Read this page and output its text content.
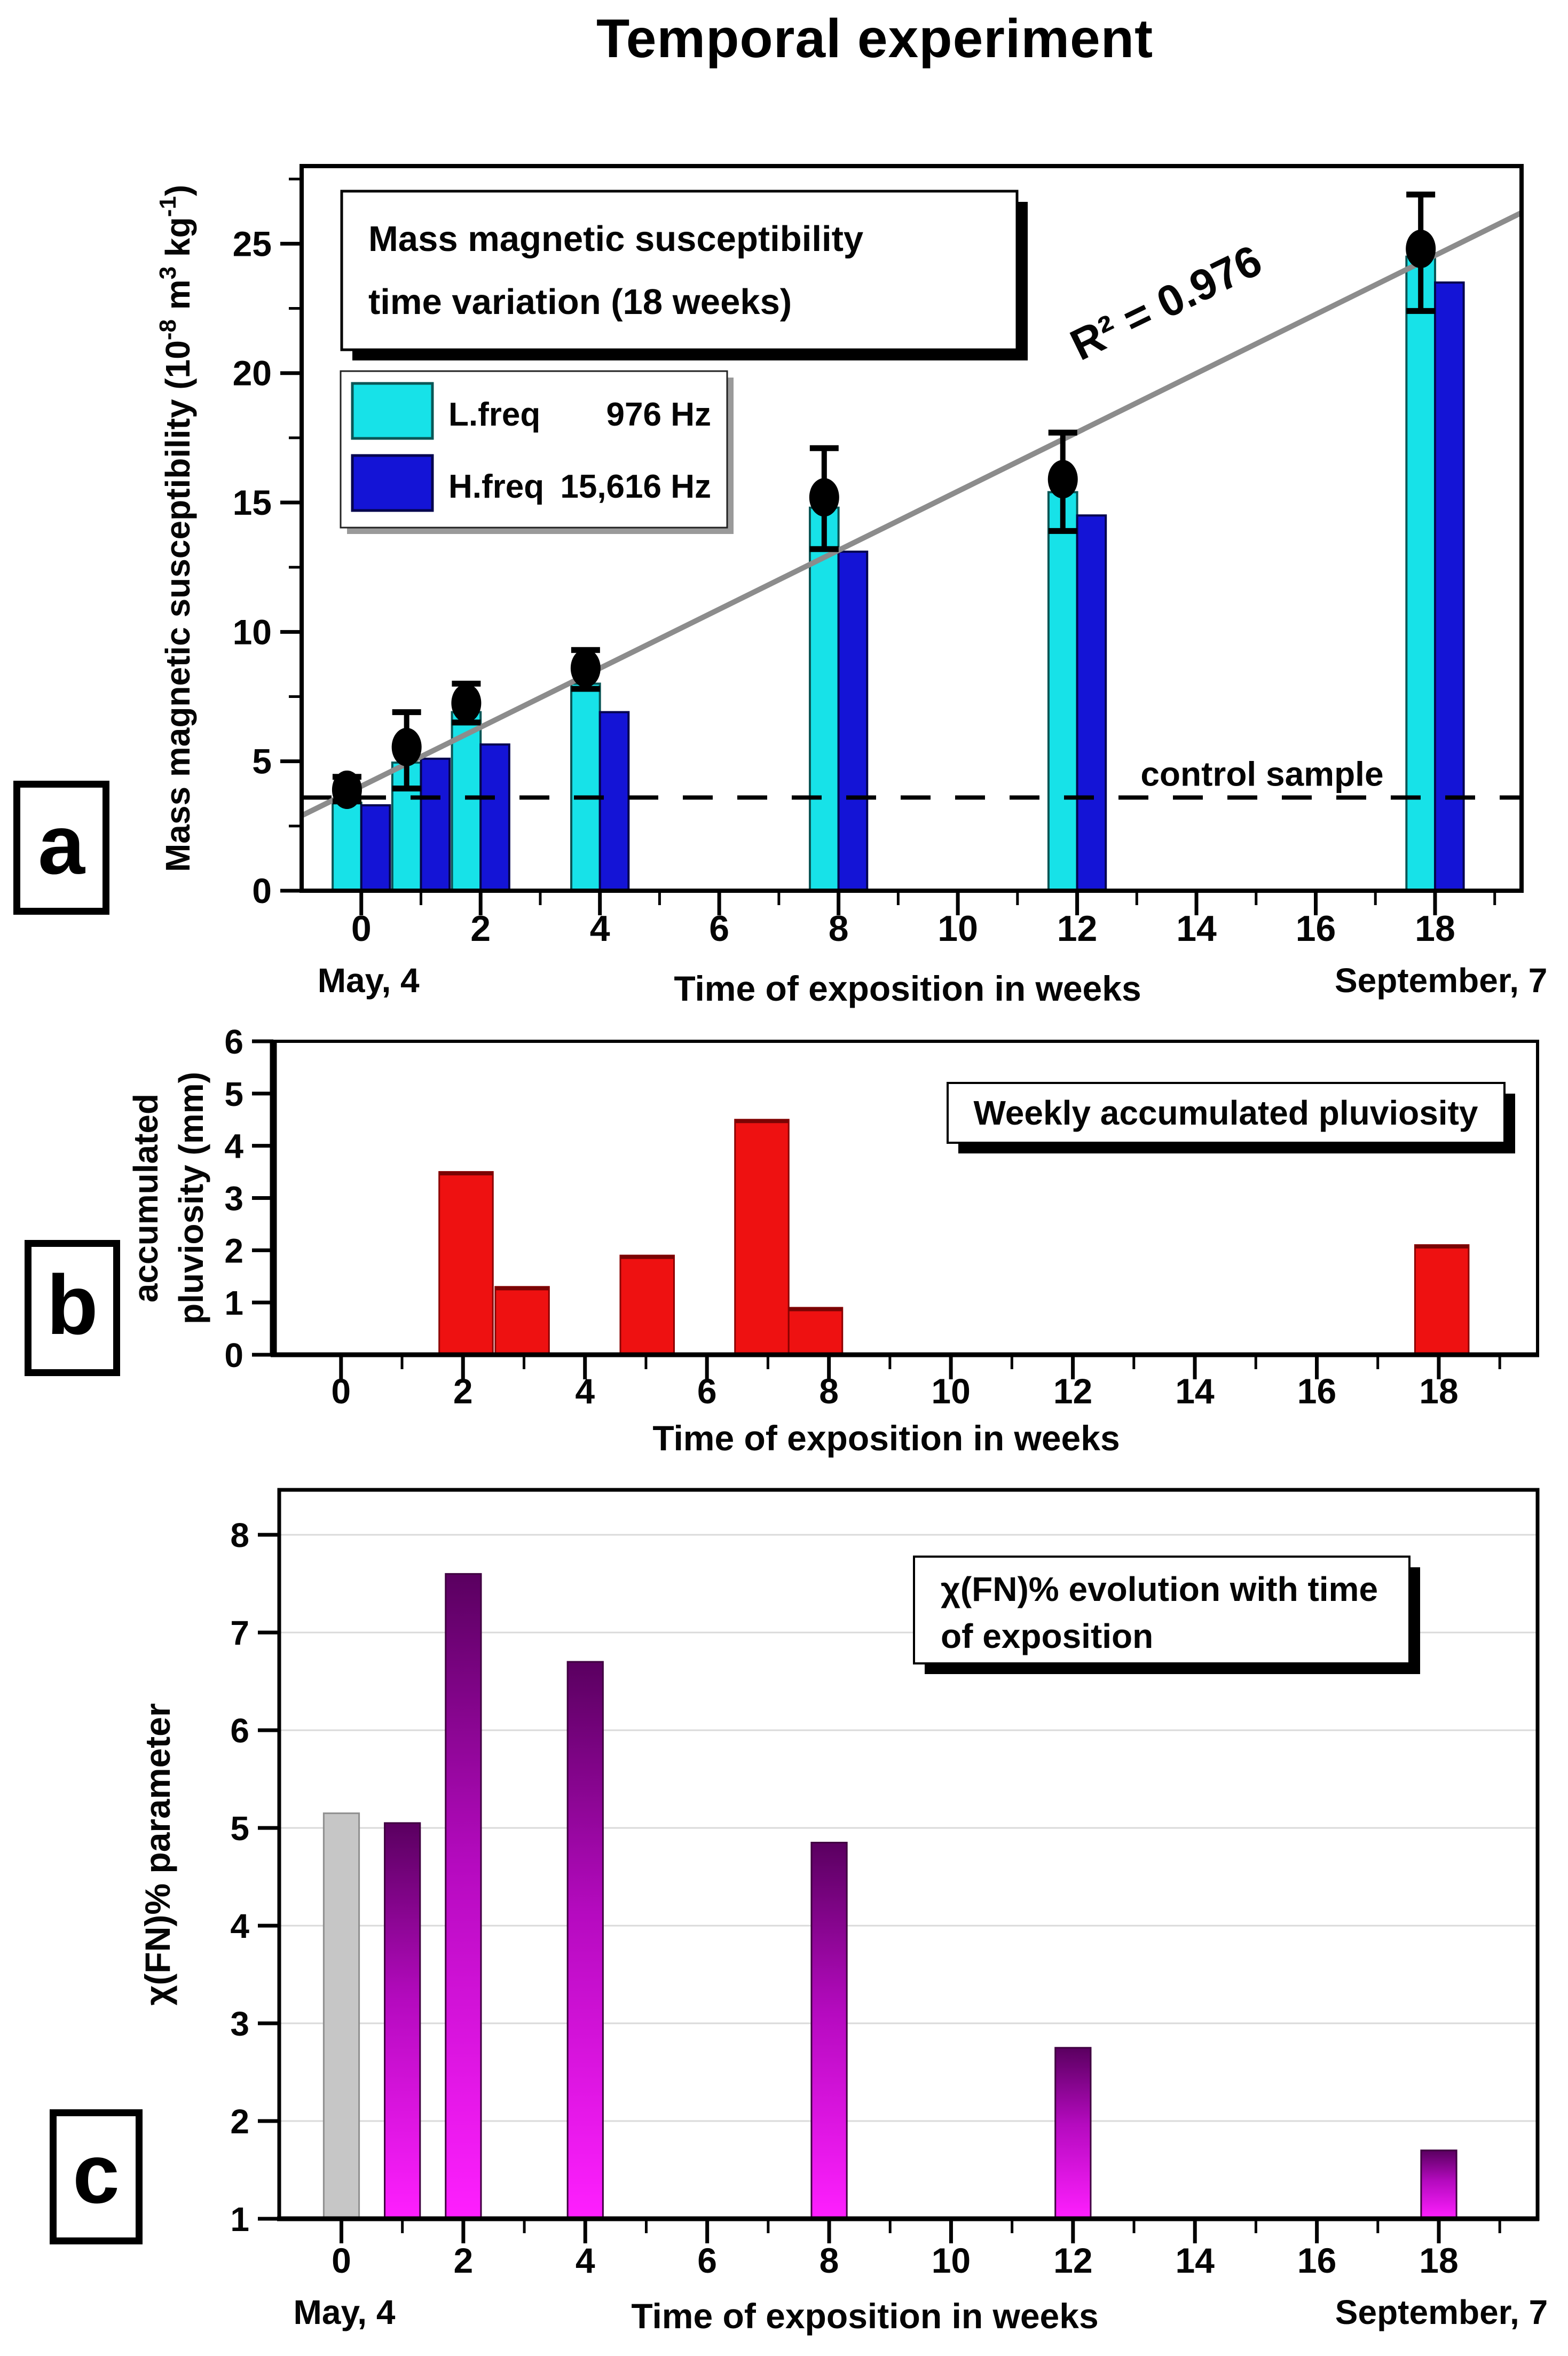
Temporal experiment
R² = 0.976
control sample
0	2	4	6	8 10 12 14 16 18
0
5
10
15
20
25
Mass magnetic susceptibility ($10^{-8}$ $m^3$ $kg^{-1}$)
Mass magnetic susceptibility
time variation (18 weeks)
L.freq 976 Hz
H.freq 15,616 Hz
May, 4	September, 7
Time of exposition in weeks
0	2	4	6	8	10 12 14 16 18
0
1
2
3
4
5
6
accumulated pluviosity (mm)	Weekly accumulated pluviosity
Time of exposition in weeks
0	2	4	6	8	10 12 14 16 18
1
2
3
4
5
6
7
8
χ(FN)% parameter
χ(FN)% evolution with time
of exposition
May, 4	September, 7
Time of exposition in weeks
a
b
c
